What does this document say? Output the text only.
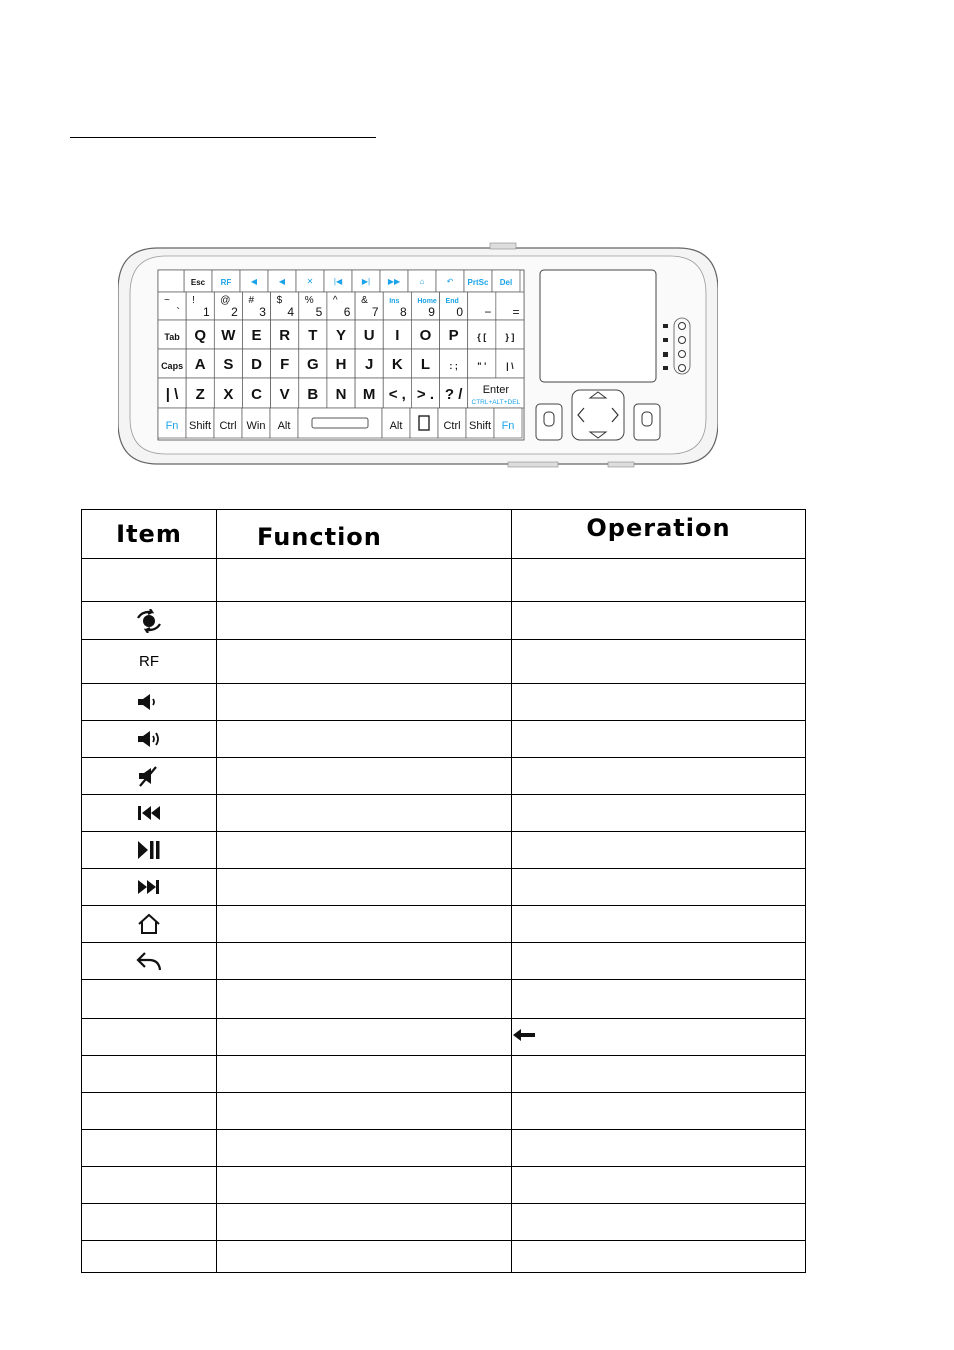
Esc RF	PrtSc Del
◀	◀	✕	|◀ ▶| ▶▶ ⌂	↶
~
`
!
1
@
2
#
3
$
4
%
5
^
6
&
7
Ins
8
Home
9
End
0 − =
Tab Q W E R T Y U I O P { [ } ]
Caps A S D F G H J K L : ; " ' | \
| \ Z X C V B N M < , > . ? / Enter
CTRL+ALT+DEL
Fn Shift Ctrl Win Alt	Alt	Ctrl Shift Fn
Item	Function	Operation

RF		
